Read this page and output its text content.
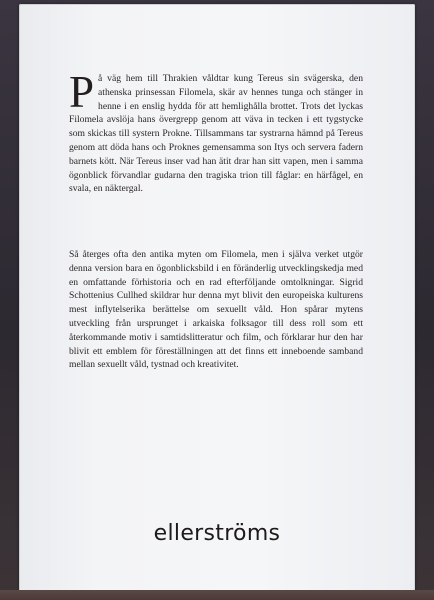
På väg hem till Thrakien våldtar kung Tereus sin svägerska, den athenska prinsessan Filomela, skär av hennes tunga och stänger in henne i en enslig hydda för att hemlighålla brottet. Trots det lyckas Filomela avslöja hans övergrepp genom att väva in tecken i ett tygstycke som skickas till systern Prokne. Tillsammans tar systrarna hämnd på Tereus genom att döda hans och Proknes gemensamma son Itys och servera fadern barnets kött. När Tereus inser vad han ätit drar han sitt vapen, men i samma ögonblick förvandlar gudarna den tragiska trion till fåglar: en härfågel, en svala, en näktergal.

Så återges ofta den antika myten om Filomela, men i själva verket utgör denna version bara en ögonblicksbild i en föränderlig utvecklingskedja med en omfattande förhistoria och en rad efterföljande omtolkningar. Sigrid Schottenius Cullhed skildrar hur denna myt blivit den europeiska kulturens mest inflytelserika berättelse om sexuellt våld. Hon spårar mytens utveckling från ursprunget i arkaiska folksagor till dess roll som ett återkommande motiv i samtidslitteratur och film, och förklarar hur den har blivit ett emblem för föreställningen att det finns ett inneboende samband mellan sexuellt våld, tystnad och kreativitet.

ellerströms
